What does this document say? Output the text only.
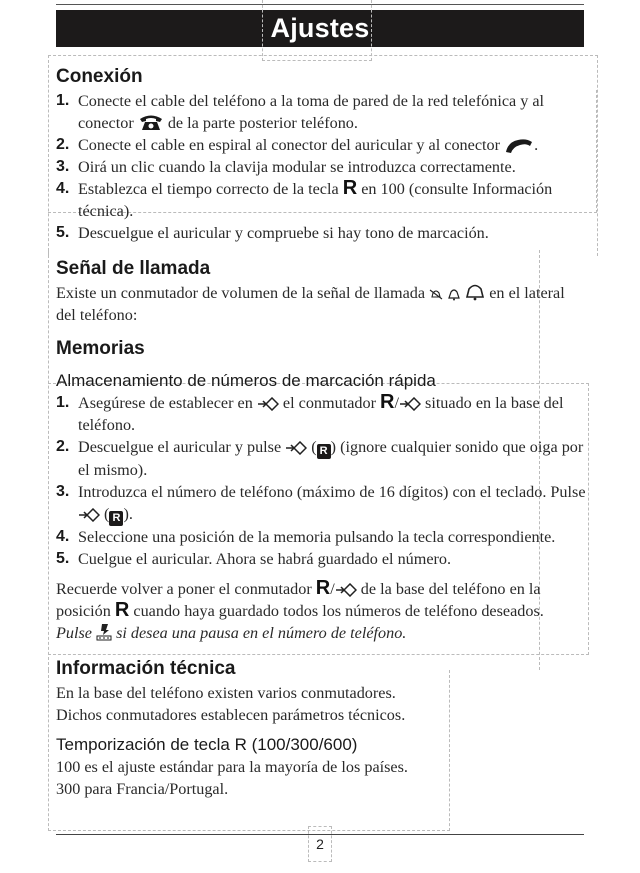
Ajustes
Conexión
1. Conecte el cable del teléfono a la toma de pared de la red telefónica y al conector de la parte posterior teléfono.
2. Conecte el cable en espiral al conector del auricular y al conector .
3. Oirá un clic cuando la clavija modular se introduzca correctamente.
4. Establezca el tiempo correcto de la tecla R en 100 (consulte Información técnica).
5. Descuelgue el auricular y compruebe si hay tono de marcación.
Señal de llamada

Existe un conmutador de volumen de la señal de llamada	en el lateral del teléfono:

Memorias
Almacenamiento de números de marcación rápida
1. Asegúrese de establecer en el conmutador R/ situado en la base del teléfono.
2. Descuelgue el auricular y pulse ( R ) (ignore cualquier sonido que oiga por el mismo).
3. Introduzca el número de teléfono (máximo de 16 dígitos) con el teclado. Pulse  ( R ).
4. Seleccione una posición de la memoria pulsando la tecla correspondiente.
5. Cuelgue el auricular. Ahora se habrá guardado el número.

Recuerde volver a poner el conmutador R/ de la base del teléfono en la posición R cuando haya guardado todos los números de teléfono deseados.

Pulse si desea una pausa en el número de teléfono.

Información técnica

En la base del teléfono existen varios conmutadores.

Dichos conmutadores establecen parámetros técnicos.

Temporización de tecla R (100/300/600)

100 es el ajuste estándar para la mayoría de los países.

300 para Francia/Portugal.

2
